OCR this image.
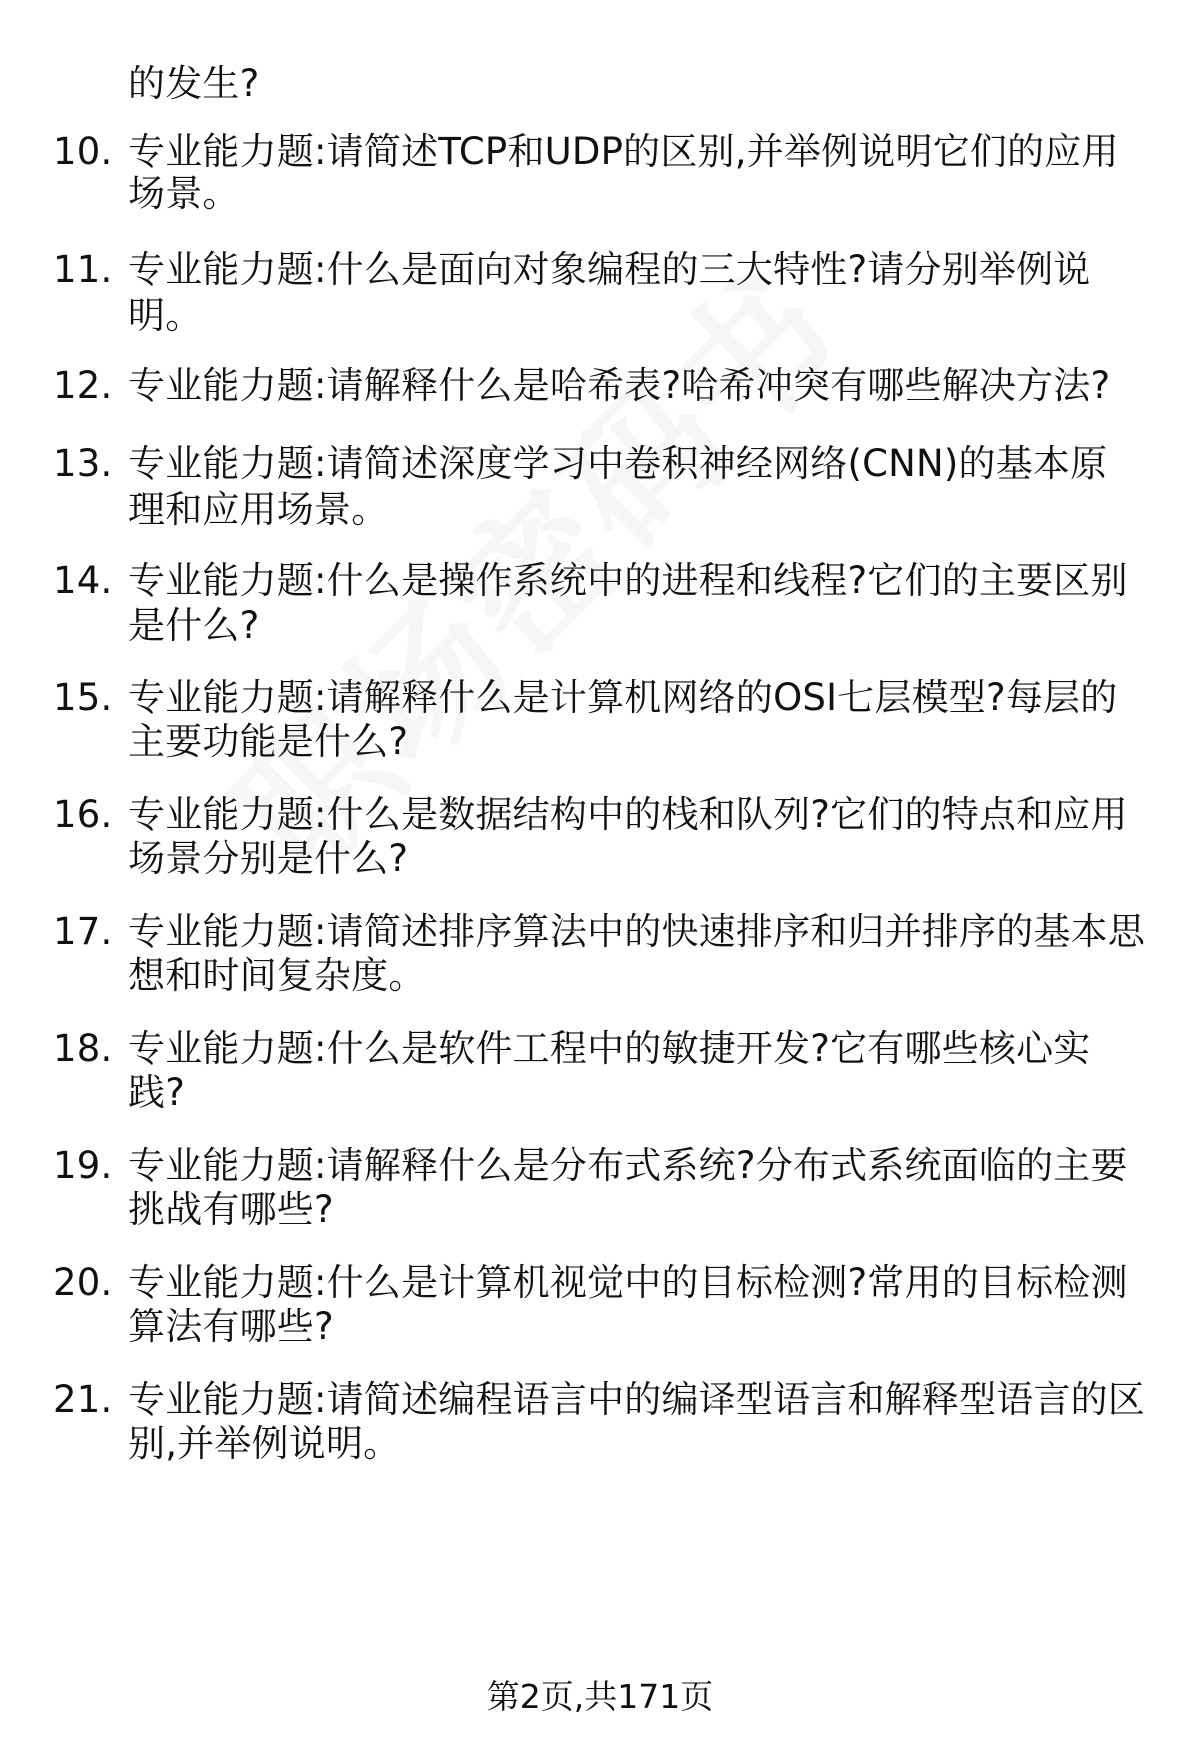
的发生?
10. 专业能力题:请简述TCP和UDP的区别,并举例说明它们的应用
场景。
11. 专业能力题:什么是面向对象编程的三大特性?请分别举例说
明。
12. 专业能力题:请解释什么是哈希表?哈希冲突有哪些解决方法?
13. 专业能力题:请简述深度学习中卷积神经网络(CNN)的基本原
理和应用场景。
14. 专业能力题:什么是操作系统中的进程和线程?它们的主要区别
是什么?
15. 专业能力题:请解释什么是计算机网络的OSI七层模型?每层的
主要功能是什么?
16. 专业能力题:什么是数据结构中的栈和队列?它们的特点和应用
场景分别是什么?
17. 专业能力题:请简述排序算法中的快速排序和归并排序的基本思
想和时间复杂度。
18. 专业能力题:什么是软件工程中的敏捷开发?它有哪些核心实
践?
19. 专业能力题:请解释什么是分布式系统?分布式系统面临的主要
挑战有哪些?
20. 专业能力题:什么是计算机视觉中的目标检测?常用的目标检测
算法有哪些?
21. 专业能力题:请简述编程语言中的编译型语言和解释型语言的区
别,并举例说明。
第2页,共171页
